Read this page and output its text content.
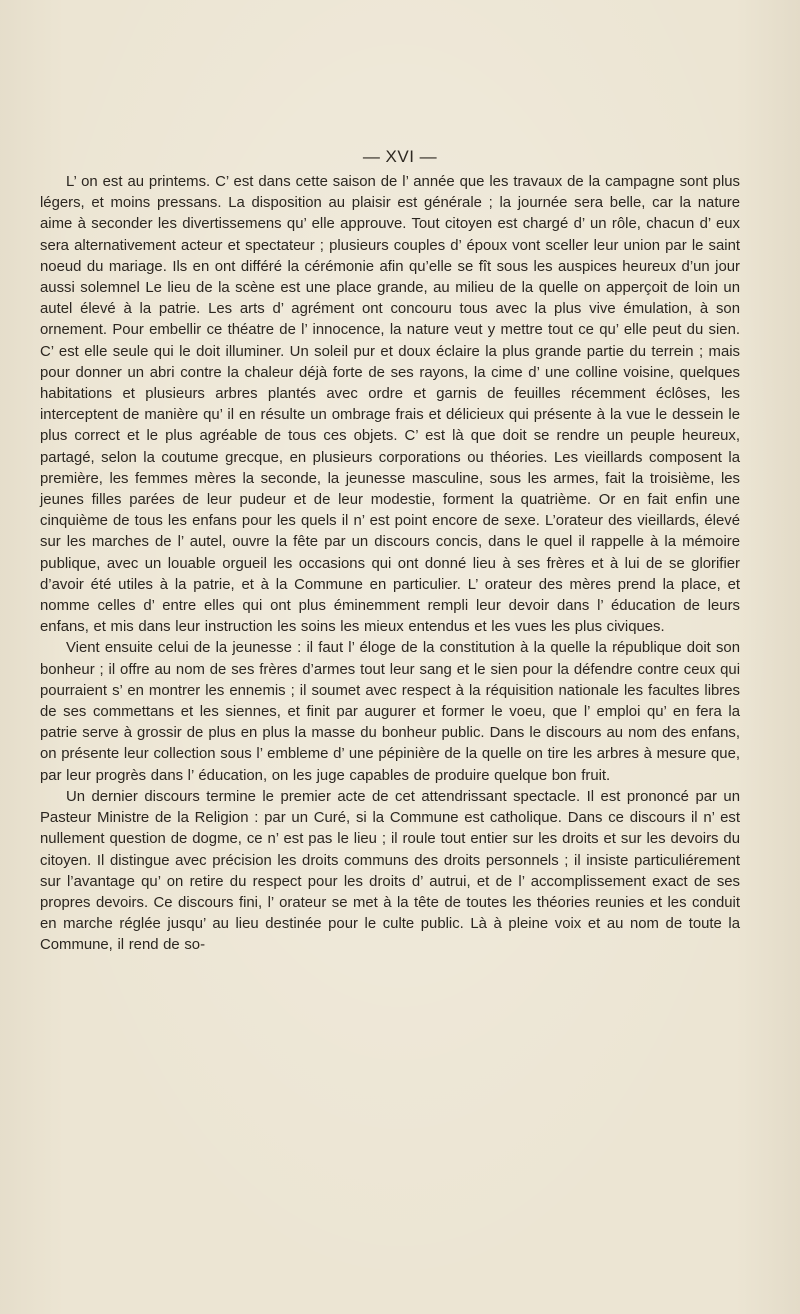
— XVI —

L’ on est au printems. C’ est dans cette saison de l’ année que les travaux de la campagne sont plus légers, et moins pressans. La disposition au plaisir est générale ; la journée sera belle, car la nature aime à seconder les divertissemens qu’ elle approuve. Tout citoyen est chargé d’ un rôle, chacun d’ eux sera alternativement acteur et spectateur ; plusieurs couples d’ époux vont sceller leur union par le saint noeud du mariage. Ils en ont différé la cérémonie afin qu’elle se fît sous les auspices heureux d’un jour aussi solemnel Le lieu de la scène est une place grande, au milieu de la quelle on apperçoit de loin un autel élevé à la patrie. Les arts d’ agrément ont concouru tous avec la plus vive émulation, à son ornement. Pour embellir ce théatre de l’ innocence, la nature veut y mettre tout ce qu’ elle peut du sien. C’ est elle seule qui le doit illuminer. Un soleil pur et doux éclaire la plus grande partie du terrein ; mais pour donner un abri contre la chaleur déjà forte de ses rayons, la cime d’ une colline voisine, quelques habitations et plusieurs arbres plantés avec ordre et garnis de feuilles récemment éclôses, les interceptent de manière qu’ il en résulte un ombrage frais et délicieux qui présente à la vue le dessein le plus correct et le plus agréable de tous ces objets. C’ est là que doit se rendre un peuple heureux, partagé, selon la coutume grecque, en plusieurs corporations ou théories. Les vieillards composent la première, les femmes mères la seconde, la jeunesse masculine, sous les armes, fait la troisième, les jeunes filles parées de leur pudeur et de leur modestie, forment la quatrième. Or en fait enfin une cinquième de tous les enfans pour les quels il n’ est point encore de sexe. L’orateur des vieillards, élevé sur les marches de l’ autel, ouvre la fête par un discours concis, dans le quel il rappelle à la mémoire publique, avec un louable orgueil les occasions qui ont donné lieu à ses frères et à lui de se glorifier d’avoir été utiles à la patrie, et à la Commune en particulier. L’ orateur des mères prend la place, et nomme celles d’ entre elles qui ont plus éminemment rempli leur devoir dans l’ éducation de leurs enfans, et mis dans leur instruction les soins les mieux entendus et les vues les plus civiques.

Vient ensuite celui de la jeunesse : il faut l’ éloge de la constitution à la quelle la république doit son bonheur ; il offre au nom de ses frères d’armes tout leur sang et le sien pour la défendre contre ceux qui pourraient s’ en montrer les ennemis ; il soumet avec respect à la réquisition nationale les facultes libres de ses commettans et les siennes, et finit par augurer et former le voeu, que l’ emploi qu’ en fera la patrie serve à grossir de plus en plus la masse du bonheur public. Dans le discours au nom des enfans, on présente leur collection sous l’ embleme d’ une pépinière de la quelle on tire les arbres à mesure que, par leur progrès dans l’ éducation, on les juge capables de produire quelque bon fruit.

Un dernier discours termine le premier acte de cet attendrissant spectacle. Il est prononcé par un Pasteur Ministre de la Religion : par un Curé, si la Commune est catholique. Dans ce discours il n’ est nullement question de dogme, ce n’ est pas le lieu ; il roule tout entier sur les droits et sur les devoirs du citoyen. Il distingue avec précision les droits communs des droits personnels ; il insiste particuliérement sur l’avantage qu’ on retire du respect pour les droits d’ autrui, et de l’ accomplissement exact de ses propres devoirs. Ce discours fini, l’ orateur se met à la tête de toutes les théories reunies et les conduit en marche réglée jusqu’ au lieu destinée pour le culte public. Là à pleine voix et au nom de toute la Commune, il rend de so-
